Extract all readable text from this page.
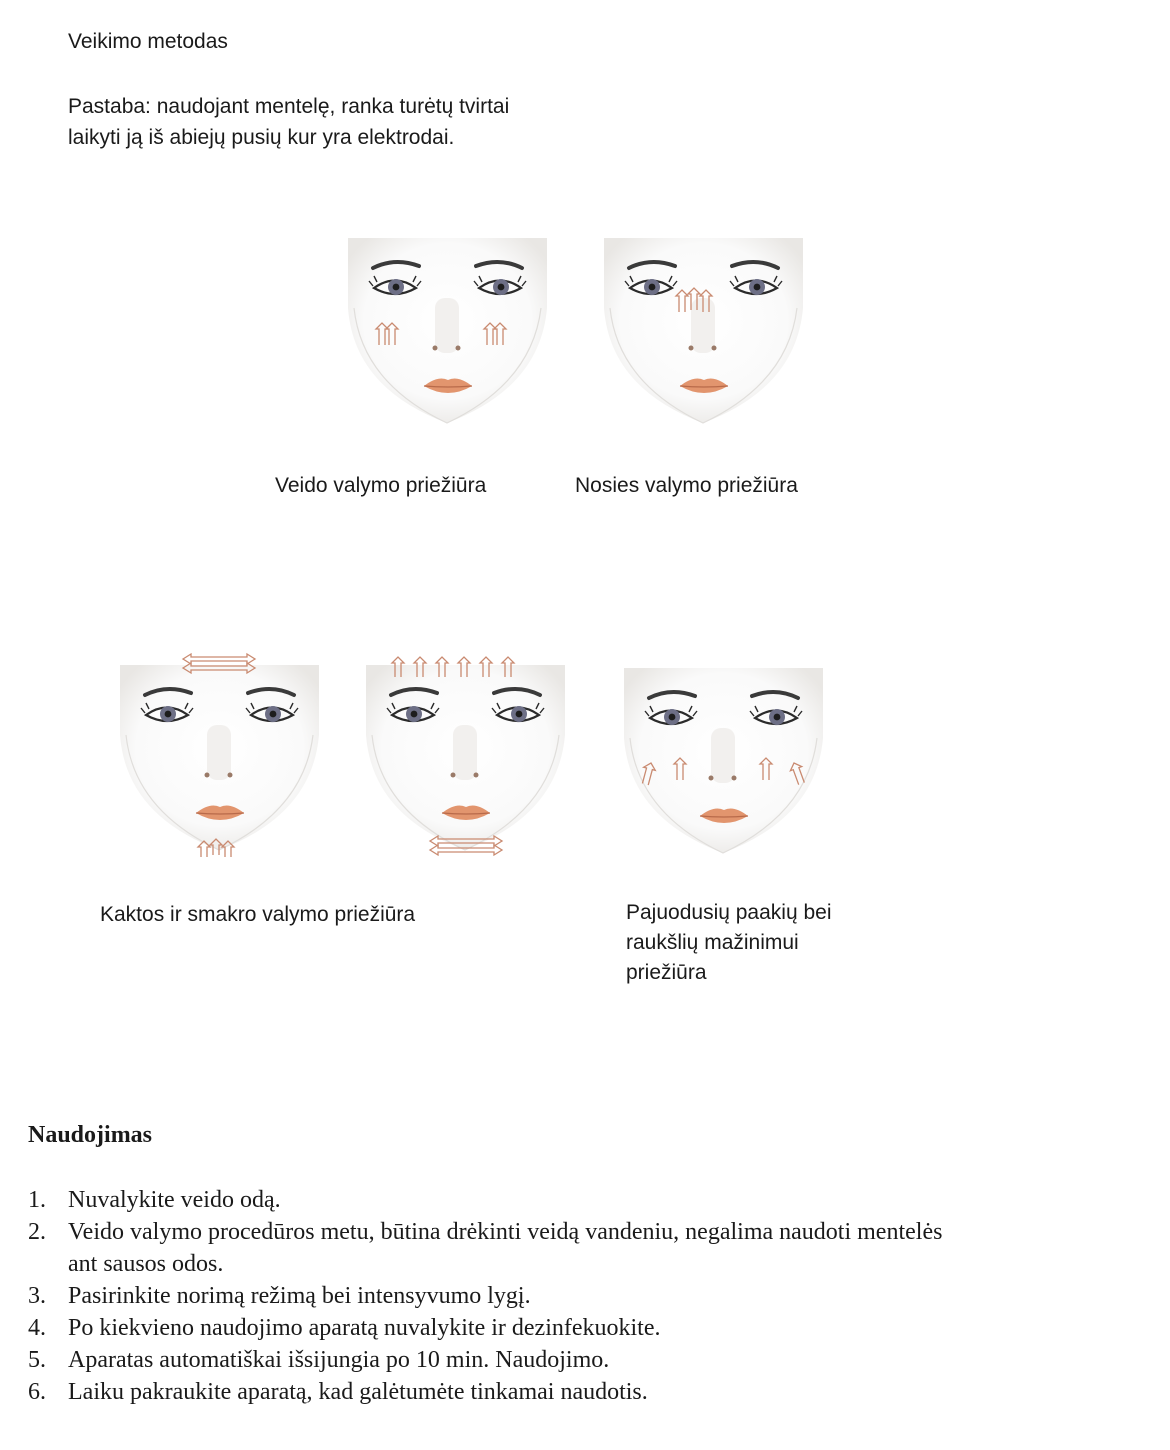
Veikimo metodas
Pastaba: naudojant mentelę, ranka turėtų tvirtai laikyti ją iš abiejų pusių kur yra elektrodai.
Veido valymo priežiūra	Nosies valymo priežiūra
Kaktos ir smakro valymo priežiūra	Pajuodusių paakių bei
raukšlių mažinimui
priežiūra
Naudojimas
1. Nuvalykite veido odą.
2. Veido valymo procedūros metu, būtina drėkinti veidą vandeniu, negalima naudoti mentelės
ant sausos odos.
3. Pasirinkite norimą režimą bei intensyvumo lygį.
4. Po kiekvieno naudojimo aparatą nuvalykite ir dezinfekuokite.
5. Aparatas automatiškai išsijungia po 10 min. Naudojimo.
6. Laiku pakraukite aparatą, kad galėtumėte tinkamai naudotis.
